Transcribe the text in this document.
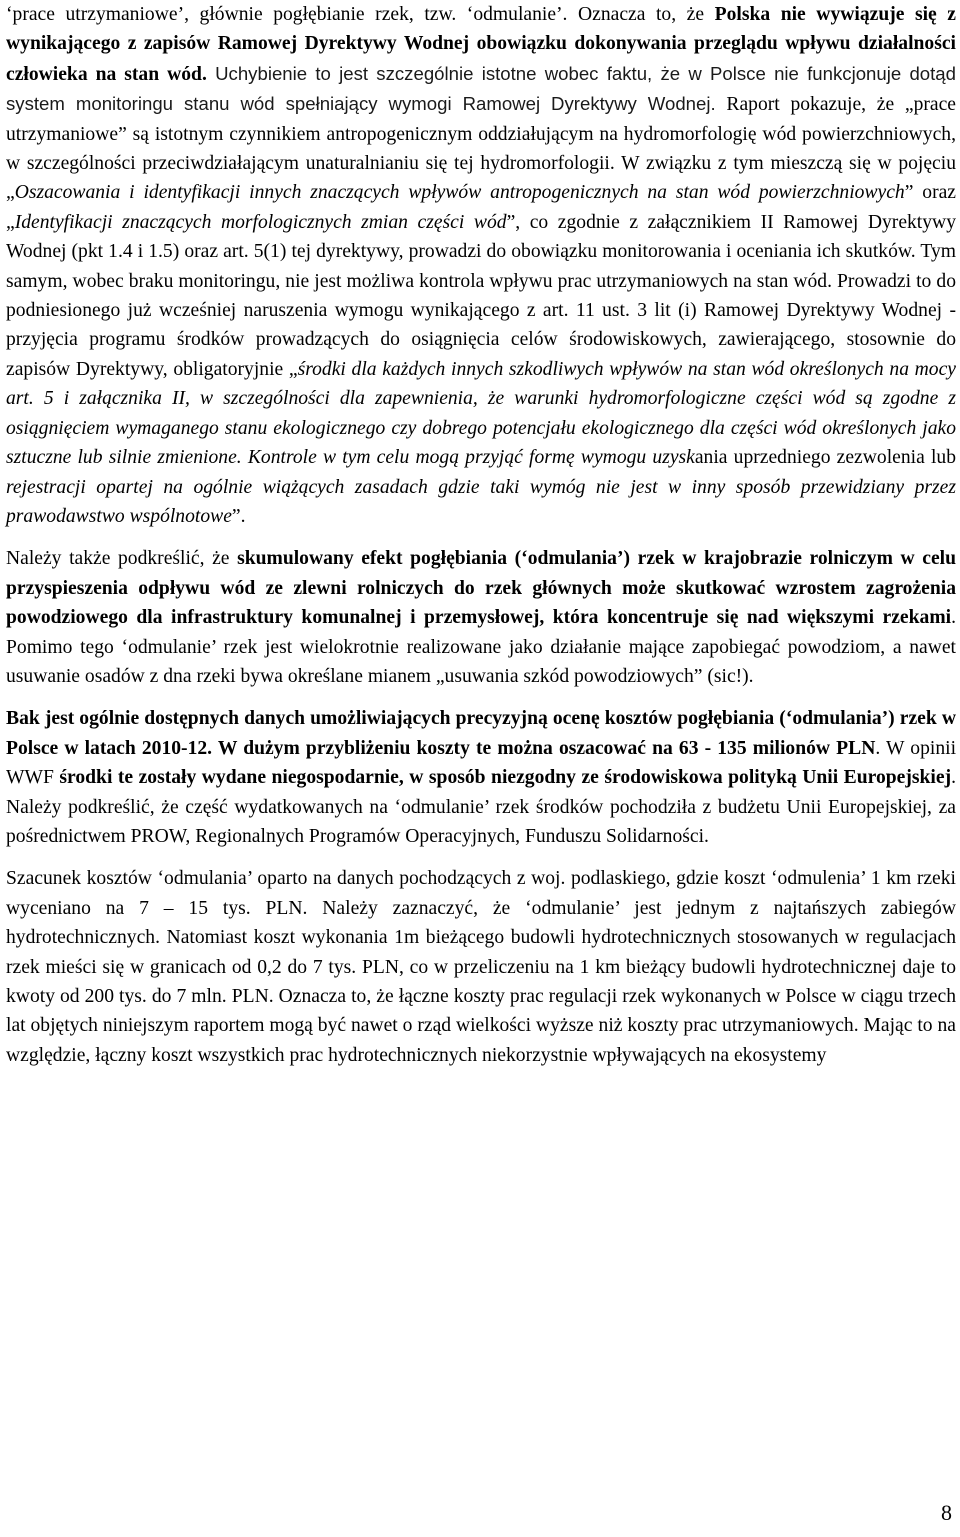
‘prace utrzymaniowe’, głównie pogłębianie rzek, tzw. ‘odmulanie’. Oznacza to, że Polska nie wywiązuje się z wynikającego z zapisów Ramowej Dyrektywy Wodnej obowiązku dokonywania przeglądu wpływu działalności człowieka na stan wód. Uchybienie to jest szczególnie istotne wobec faktu, że w Polsce nie funkcjonuje dotąd system monitoringu stanu wód spełniający wymogi Ramowej Dyrektywy Wodnej. Raport pokazuje, że „prace utrzymaniowe” są istotnym czynnikiem antropogenicznym oddziałującym na hydromorfologię wód powierzchniowych, w szczególności przeciwdziałającym unaturalnianiu się tej hydromorfologii. W związku z tym mieszczą się w pojęciu „Oszacowania i identyfikacji innych znaczących wpływów antropogenicznych na stan wód powierzchniowych” oraz „Identyfikacji znaczących morfologicznych zmian części wód”, co zgodnie z załącznikiem II Ramowej Dyrektywy Wodnej (pkt 1.4 i 1.5) oraz art. 5(1) tej dyrektywy, prowadzi do obowiązku monitorowania i oceniania ich skutków. Tym samym, wobec braku monitoringu, nie jest możliwa kontrola wpływu prac utrzymaniowych na stan wód. Prowadzi to do podniesionego już wcześniej naruszenia wymogu wynikającego z art. 11 ust. 3 lit (i) Ramowej Dyrektywy Wodnej - przyjęcia programu środków prowadzących do osiągnięcia celów środowiskowych, zawierającego, stosownie do zapisów Dyrektywy, obligatoryjnie „środki dla każdych innych szkodliwych wpływów na stan wód określonych na mocy art. 5 i załącznika II, w szczególności dla zapewnienia, że warunki hydromorfologiczne części wód są zgodne z osiągnięciem wymaganego stanu ekologicznego czy dobrego potencjału ekologicznego dla części wód określonych jako sztuczne lub silnie zmienione. Kontrole w tym celu mogą przyjąć formę wymogu uzyskania uprzedniego zezwolenia lub rejestracji opartej na ogólnie wiążących zasadach gdzie taki wymóg nie jest w inny sposób przewidziany przez prawodawstwo wspólnotowe”.

Należy także podkreślić, że skumulowany efekt pogłębiania (‘odmulania’) rzek w krajobrazie rolniczym w celu przyspieszenia odpływu wód ze zlewni rolniczych do rzek głównych może skutkować wzrostem zagrożenia powodziowego dla infrastruktury komunalnej i przemysłowej, która koncentruje się nad większymi rzekami. Pomimo tego ‘odmulanie’ rzek jest wielokrotnie realizowane jako działanie mające zapobiegać powodziom, a nawet usuwanie osadów z dna rzeki bywa określane mianem „usuwania szkód powodziowych” (sic!).

Bak jest ogólnie dostępnych danych umożliwiających precyzyjną ocenę kosztów pogłębiania (‘odmulania’) rzek w Polsce w latach 2010-12. W dużym przybliżeniu koszty te można oszacować na 63 - 135 milionów PLN. W opinii WWF środki te zostały wydane niegospodarnie, w sposób niezgodny ze środowiskowa polityką Unii Europejskiej. Należy podkreślić, że część wydatkowanych na ‘odmulanie’ rzek środków pochodziła z budżetu Unii Europejskiej, za pośrednictwem PROW, Regionalnych Programów Operacyjnych, Funduszu Solidarności.

Szacunek kosztów ‘odmulania’ oparto na danych pochodzących z woj. podlaskiego, gdzie koszt ‘odmulenia’ 1 km rzeki wyceniano na 7 – 15 tys. PLN. Należy zaznaczyć, że ‘odmulanie’ jest jednym z najtańszych zabiegów hydrotechnicznych. Natomiast koszt wykonania 1m bieżącego budowli hydrotechnicznych stosowanych w regulacjach rzek mieści się w granicach od 0,2 do 7 tys. PLN, co w przeliczeniu na 1 km bieżący budowli hydrotechnicznej daje to kwoty od 200 tys. do 7 mln. PLN. Oznacza to, że łączne koszty prac regulacji rzek wykonanych w Polsce w ciągu trzech lat objętych niniejszym raportem mogą być nawet o rząd wielkości wyższe niż koszty prac utrzymaniowych. Mając to na względzie, łączny koszt wszystkich prac hydrotechnicznych niekorzystnie wpływających na ekosystemy

8
